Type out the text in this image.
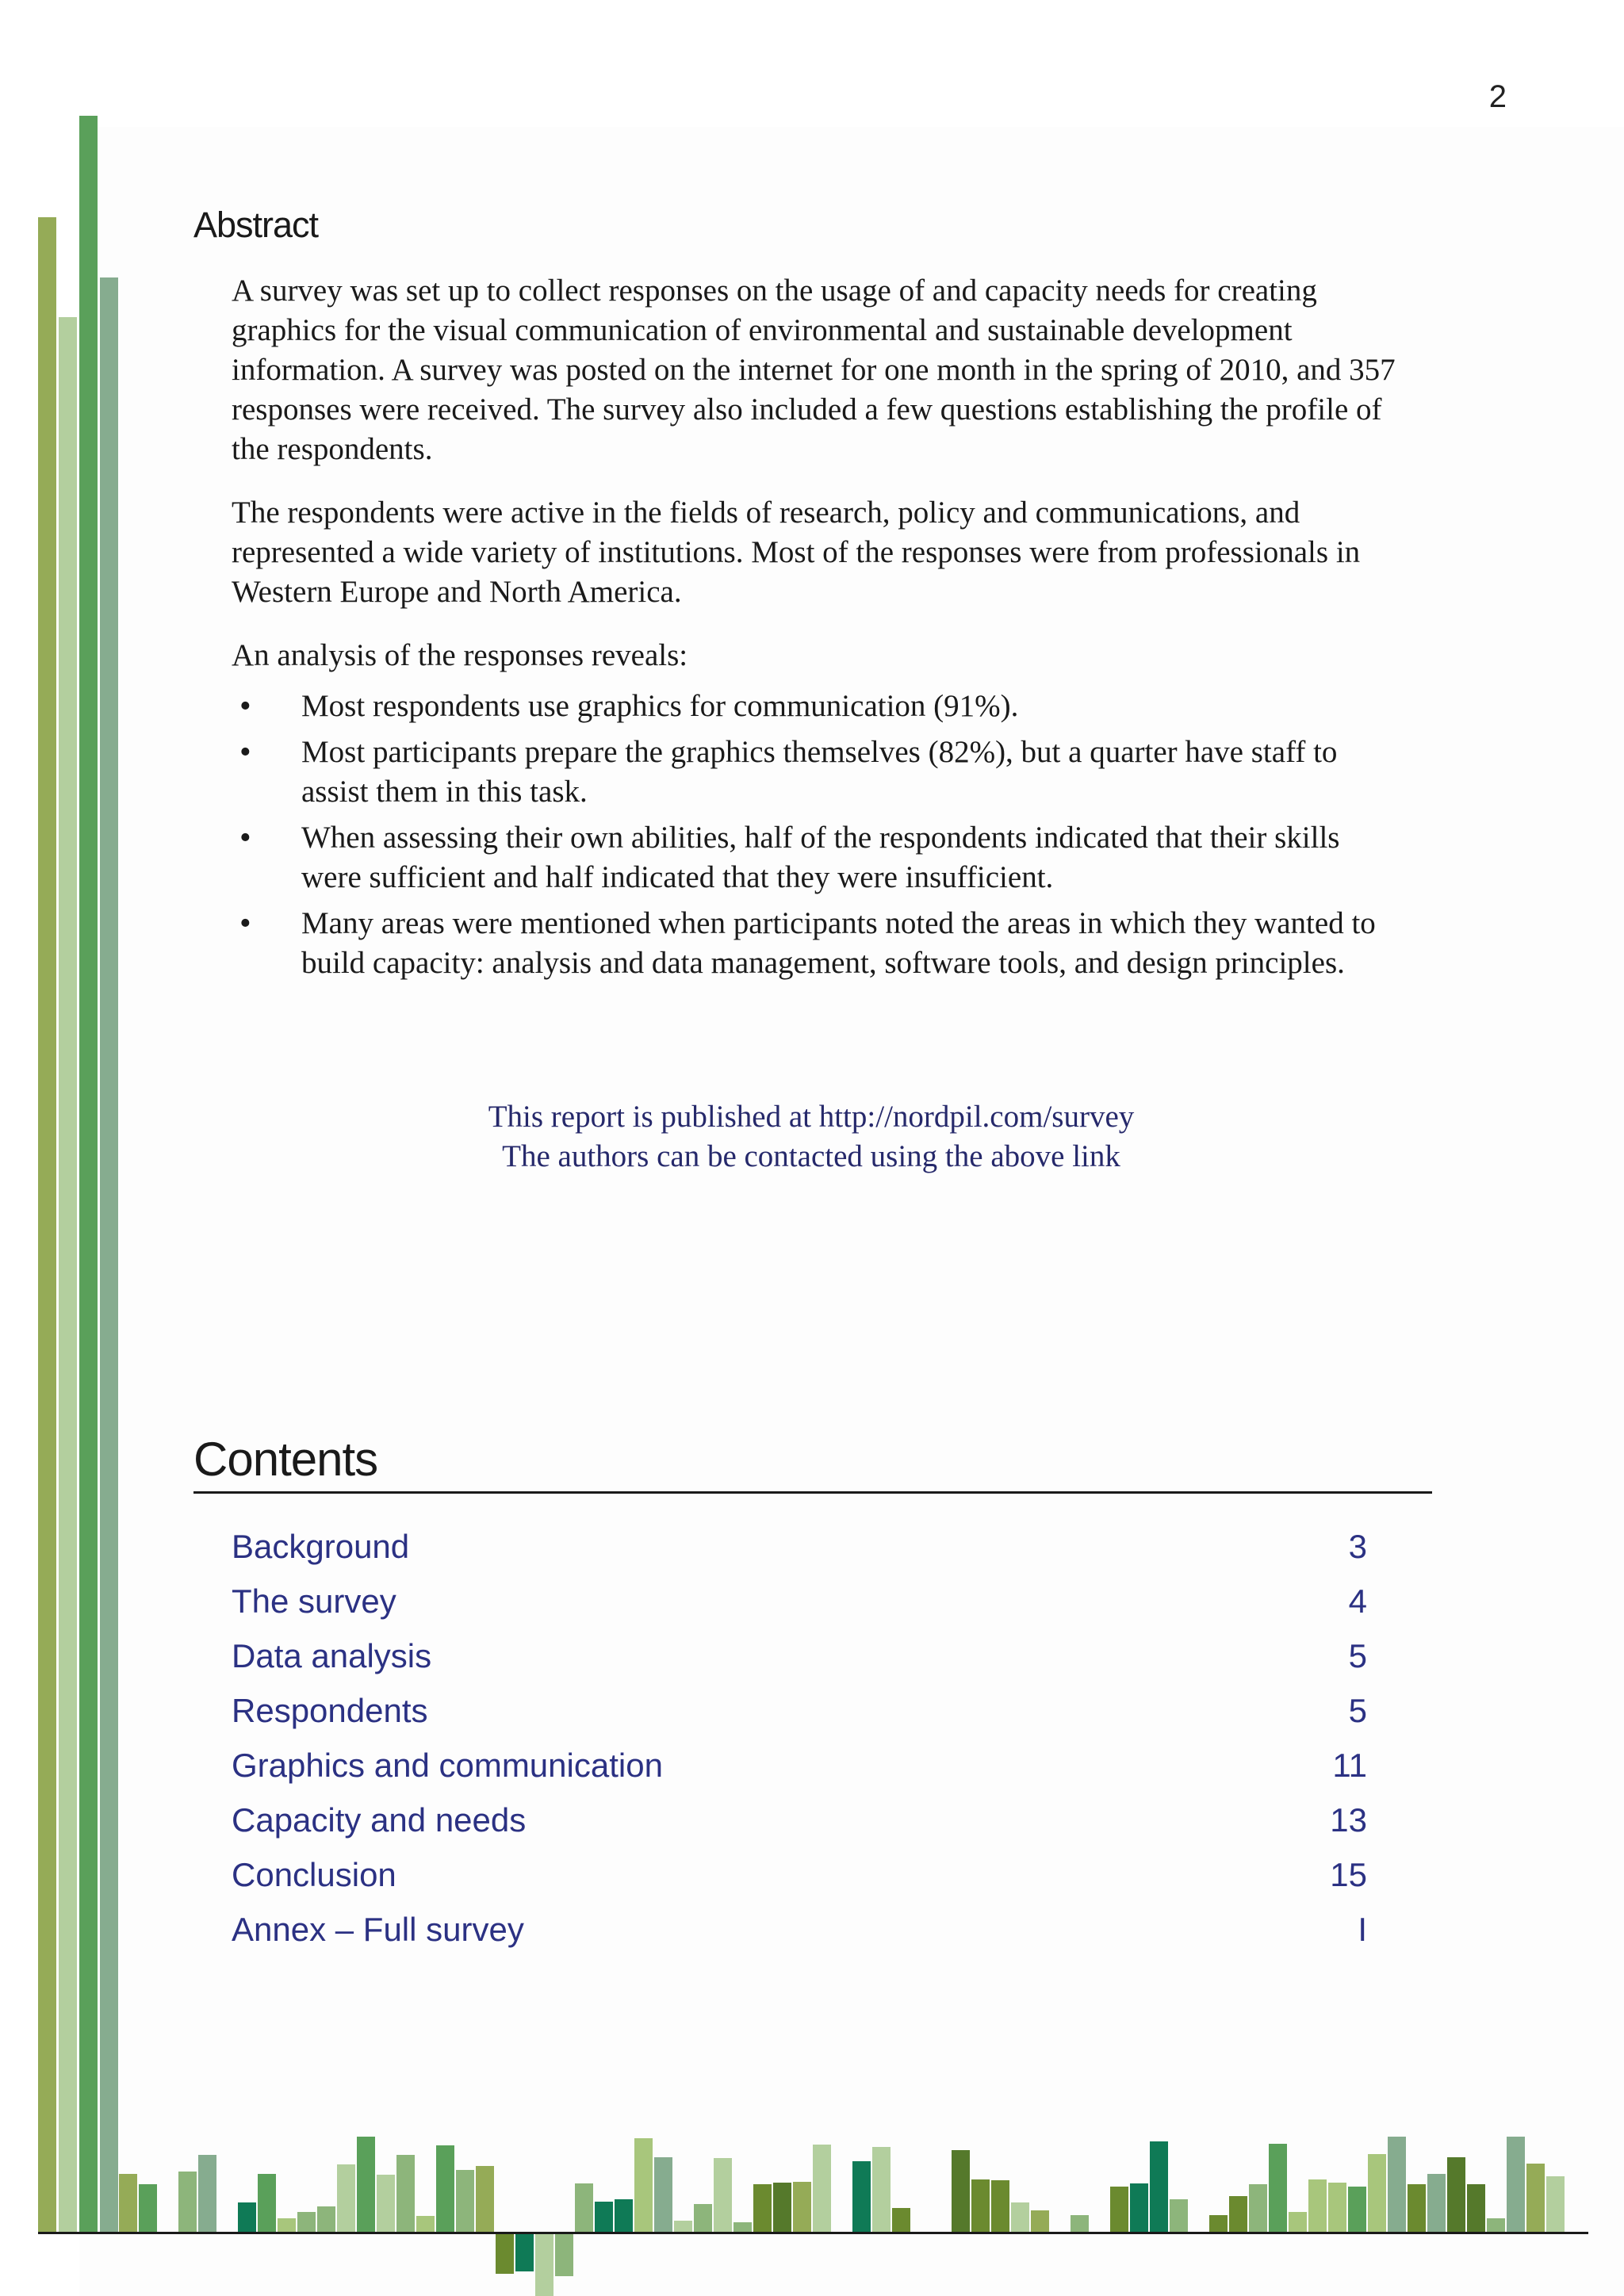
2
Abstract

A survey was set up to collect responses on the usage of and capacity needs for creating graphics for the visual communication of environmental and sustainable development information. A survey was posted on the internet for one month in the spring of 2010, and 357 responses were received. The survey also included a few questions establishing the profile of the respondents.

The respondents were active in the fields of research, policy and communications, and represented a wide variety of institutions. Most of the responses were from professionals in Western Europe and North America.

An analysis of the responses reveals:

• Most respondents use graphics for communication (91%).
• Most participants prepare the graphics themselves (82%), but a quarter have staff to assist them in this task.
• When assessing their own abilities, half of the respondents indicated that their skills were sufficient and half indicated that they were insufficient.
• Many areas were mentioned when participants noted the areas in which they wanted to build capacity: analysis and data management, software tools, and design principles.
This report is published at http://nordpil.com/survey
The authors can be contacted using the above link
Contents
Background	3
The survey	4
Data analysis	5
Respondents	5
Graphics and communication	11
Capacity and needs	13
Conclusion	15
Annex – Full survey	I
